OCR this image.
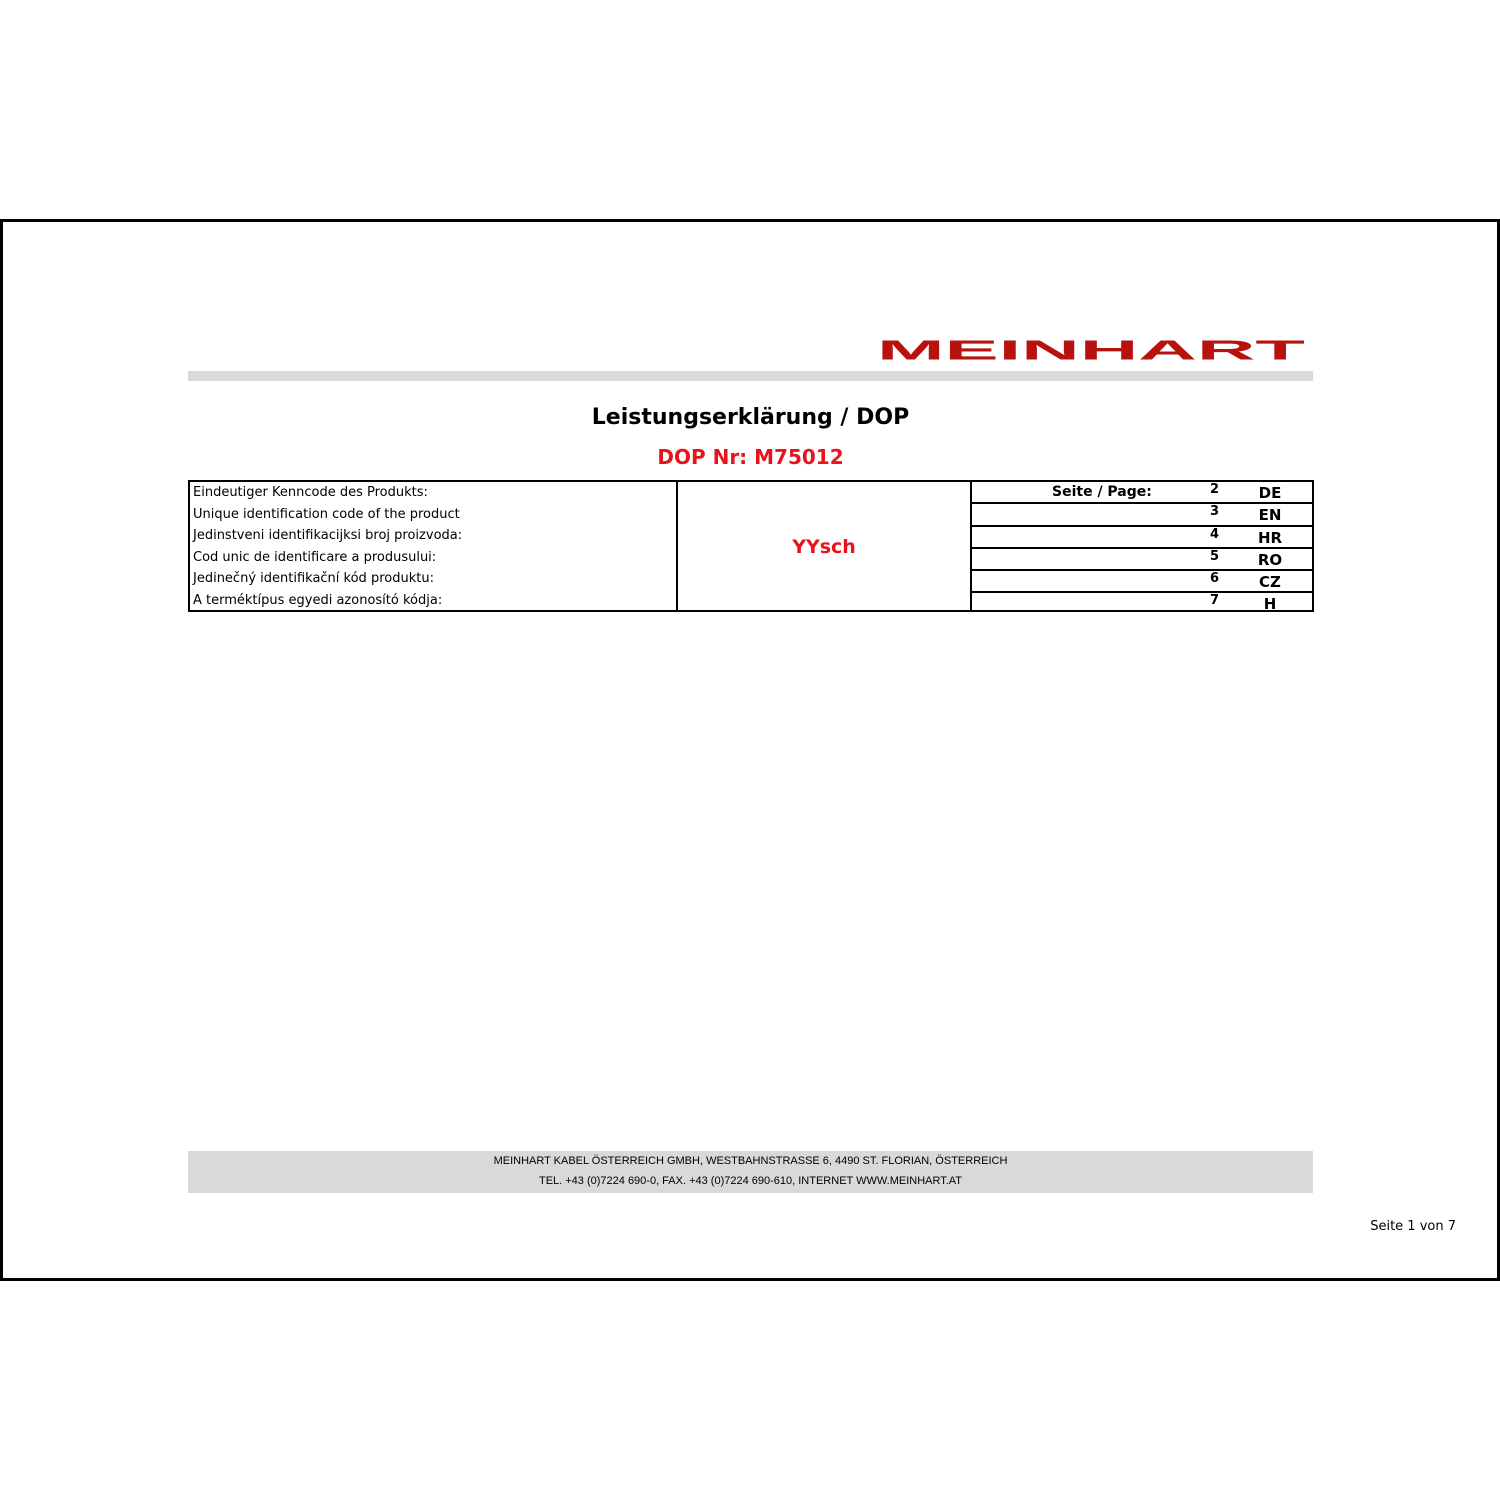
MEINHART
Leistungserklärung / DOP
DOP Nr: M75012
Eindeutiger Kenncode des Produkts:
Unique identification code of the product
Jedinstveni identifikacijksi broj proizvoda:
Cod unic de identificare a produsului:
Jedinečný identifikační kód produktu:
A terméktípus egyedi azonosító kódja:
YYsch
Seite / Page:	2	DE
3	EN
4	HR
5	RO
6	CZ
7	H
MEINHART KABEL ÖSTERREICH GMBH, WESTBAHNSTRASSE 6, 4490 ST. FLORIAN, ÖSTERREICH
TEL. +43 (0)7224 690-0, FAX. +43 (0)7224 690-610, INTERNET WWW.MEINHART.AT
Seite 1 von 7
